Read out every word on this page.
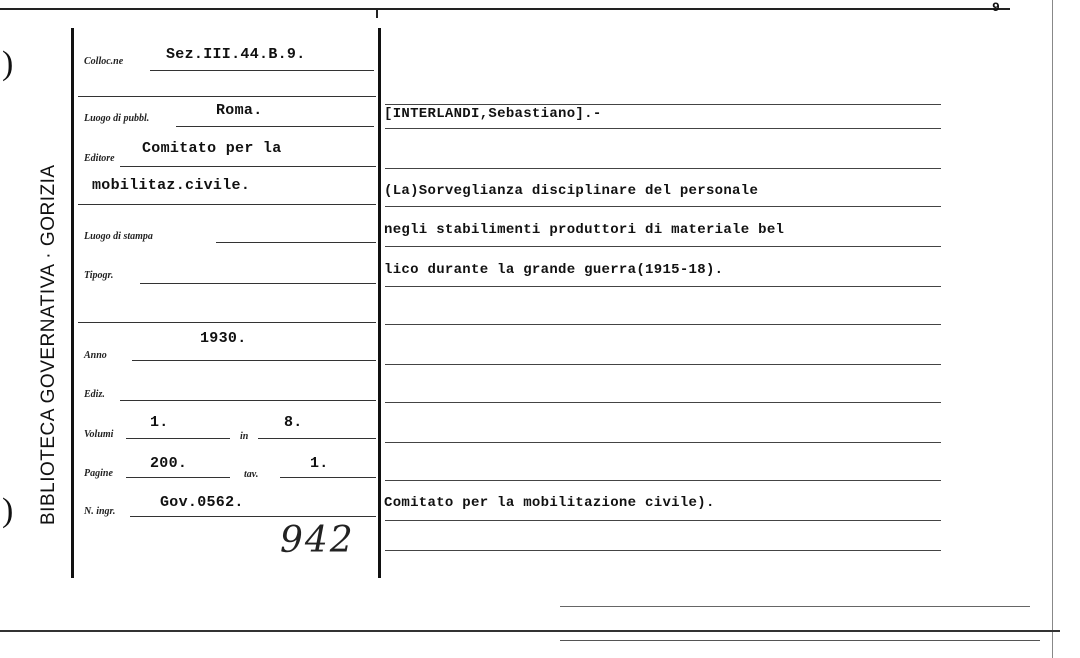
9
)
) BIBLIOTECA GOVERNATIVA · GORIZIA
Colloc.ne	Sez.III.44.B.9.
Luogo di pubbl.	Roma.
Editore
Comitato per la
mobilitaz.civile.
Luogo di stampa
Tipogr.
Anno
1930.
Ediz.
Volumi
1.
in
8.
Pagine
200.
tav.
1.
N. ingr.
Gov.0562.
942
[INTERLANDI,Sebastiano].-
(La)Sorveglianza disciplinare del personale
negli stabilimenti produttori di materiale bel
lico durante la grande guerra(1915-18).
Comitato per la mobilitazione civile).
